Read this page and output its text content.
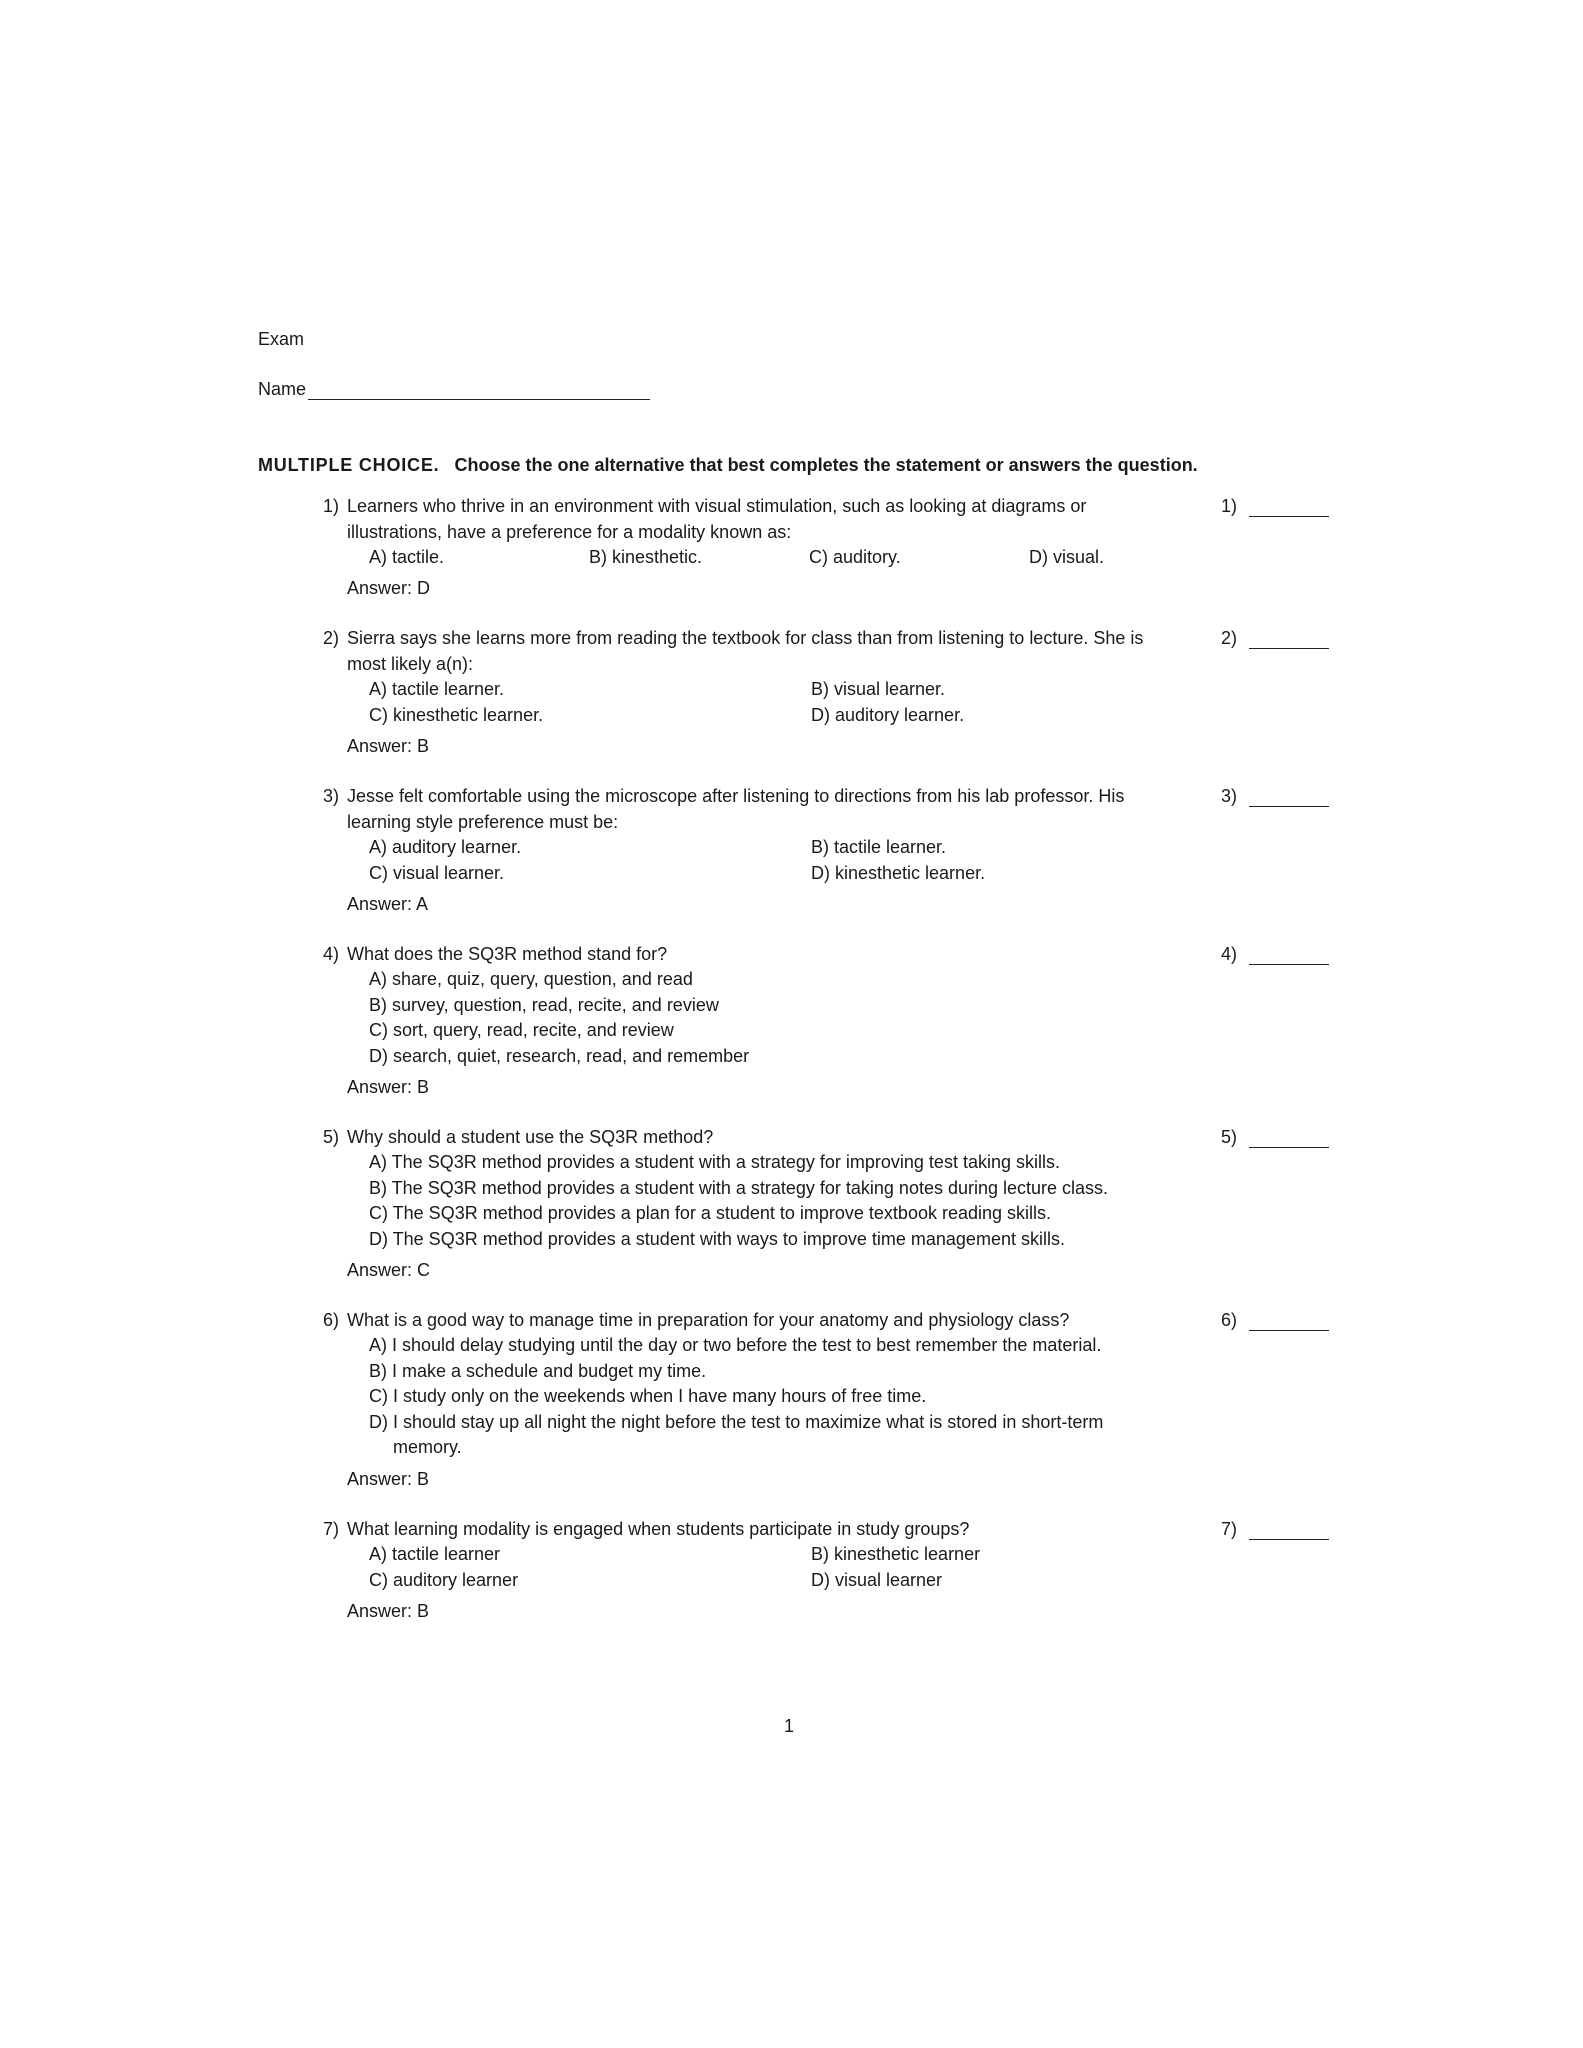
Exam
Name
MULTIPLE CHOICE. Choose the one alternative that best completes the statement or answers the question.
1) Learners who thrive in an environment with visual stimulation, such as looking at diagrams or
illustrations, have a preference for a modality known as:
A) tactile.	B) kinesthetic.	C) auditory.	D) visual.
Answer: D
1)
2) Sierra says she learns more from reading the textbook for class than from listening to lecture. She is
most likely a(n):
A) tactile learner.	B) visual learner.
C) kinesthetic learner.	D) auditory learner.
Answer: B
2)
3) Jesse felt comfortable using the microscope after listening to directions from his lab professor. His
learning style preference must be:
A) auditory learner.	B) tactile learner.
C) visual learner.	D) kinesthetic learner.
Answer: A
3)
4) What does the SQ3R method stand for?
A) share, quiz, query, question, and read
B) survey, question, read, recite, and review
C) sort, query, read, recite, and review
D) search, quiet, research, read, and remember
Answer: B
4)
5) Why should a student use the SQ3R method?
A) The SQ3R method provides a student with a strategy for improving test taking skills.
B) The SQ3R method provides a student with a strategy for taking notes during lecture class.
C) The SQ3R method provides a plan for a student to improve textbook reading skills.
D) The SQ3R method provides a student with ways to improve time management skills.
Answer: C
5)
6) What is a good way to manage time in preparation for your anatomy and physiology class?
A) I should delay studying until the day or two before the test to best remember the material.
B) I make a schedule and budget my time.
C) I study only on the weekends when I have many hours of free time.
D) I should stay up all night the night before the test to maximize what is stored in short-term memory.
Answer: B
6)
7) What learning modality is engaged when students participate in study groups?
A) tactile learner	B) kinesthetic learner
C) auditory learner	D) visual learner
Answer: B
7)
1
